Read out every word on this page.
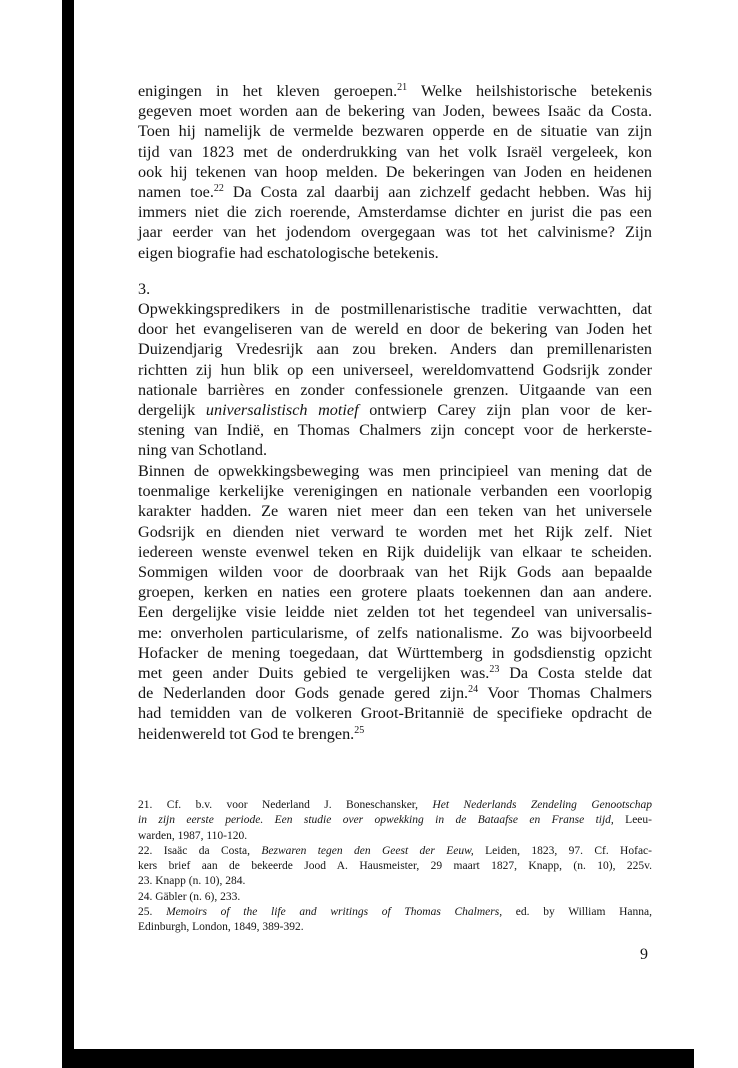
enigingen in het kleven geroepen.$^{21}$ Welke heilshistorische betekenis
gegeven moet worden aan de bekering van Joden, bewees Isaäc da Costa.
Toen hij namelijk de vermelde bezwaren opperde en de situatie van zijn
tijd van 1823 met de onderdrukking van het volk Israël vergeleek, kon
ook hij tekenen van hoop melden. De bekeringen van Joden en heidenen
namen toe.$^{22}$ Da Costa zal daarbij aan zichzelf gedacht hebben. Was hij
immers niet die zich roerende, Amsterdamse dichter en jurist die pas een
jaar eerder van het jodendom overgegaan was tot het calvinisme? Zijn
eigen biografie had eschatologische betekenis.
3.
Opwekkingspredikers in de postmillenaristische traditie verwachtten, dat
door het evangeliseren van de wereld en door de bekering van Joden het
Duizendjarig Vredesrijk aan zou breken. Anders dan premillenaristen
richtten zij hun blik op een universeel, wereldomvattend Godsrijk zonder
nationale barrières en zonder confessionele grenzen. Uitgaande van een
dergelijk universalistisch motief ontwierp Carey zijn plan voor de ker-
stening van Indië, en Thomas Chalmers zijn concept voor de herkerste-
ning van Schotland.
Binnen de opwekkingsbeweging was men principieel van mening dat de
toenmalige kerkelijke verenigingen en nationale verbanden een voorlopig
karakter hadden. Ze waren niet meer dan een teken van het universele
Godsrijk en dienden niet verward te worden met het Rijk zelf. Niet
iedereen wenste evenwel teken en Rijk duidelijk van elkaar te scheiden.
Sommigen wilden voor de doorbraak van het Rijk Gods aan bepaalde
groepen, kerken en naties een grotere plaats toekennen dan aan andere.
Een dergelijke visie leidde niet zelden tot het tegendeel van universalis-
me: onverholen particularisme, of zelfs nationalisme. Zo was bijvoorbeeld
Hofacker de mening toegedaan, dat Württemberg in godsdienstig opzicht
met geen ander Duits gebied te vergelijken was.$^{23}$ Da Costa stelde dat
de Nederlanden door Gods genade gered zijn.$^{24}$ Voor Thomas Chalmers
had temidden van de volkeren Groot-Britannië de specifieke opdracht de
heidenwereld tot God te brengen.$^{25}$
21. Cf. b.v. voor Nederland J. Boneschansker, Het Nederlands Zendeling Genootschap
in zijn eerste periode. Een studie over opwekking in de Bataafse en Franse tijd, Leeu-
warden, 1987, 110-120.
22. Isaäc da Costa, Bezwaren tegen den Geest der Eeuw, Leiden, 1823, 97. Cf. Hofac-
kers brief aan de bekeerde Jood A. Hausmeister, 29 maart 1827, Knapp, (n. 10), 225v.
23. Knapp (n. 10), 284.
24. Gäbler (n. 6), 233.
25. Memoirs of the life and writings of Thomas Chalmers, ed. by William Hanna,
Edinburgh, London, 1849, 389-392.
9
